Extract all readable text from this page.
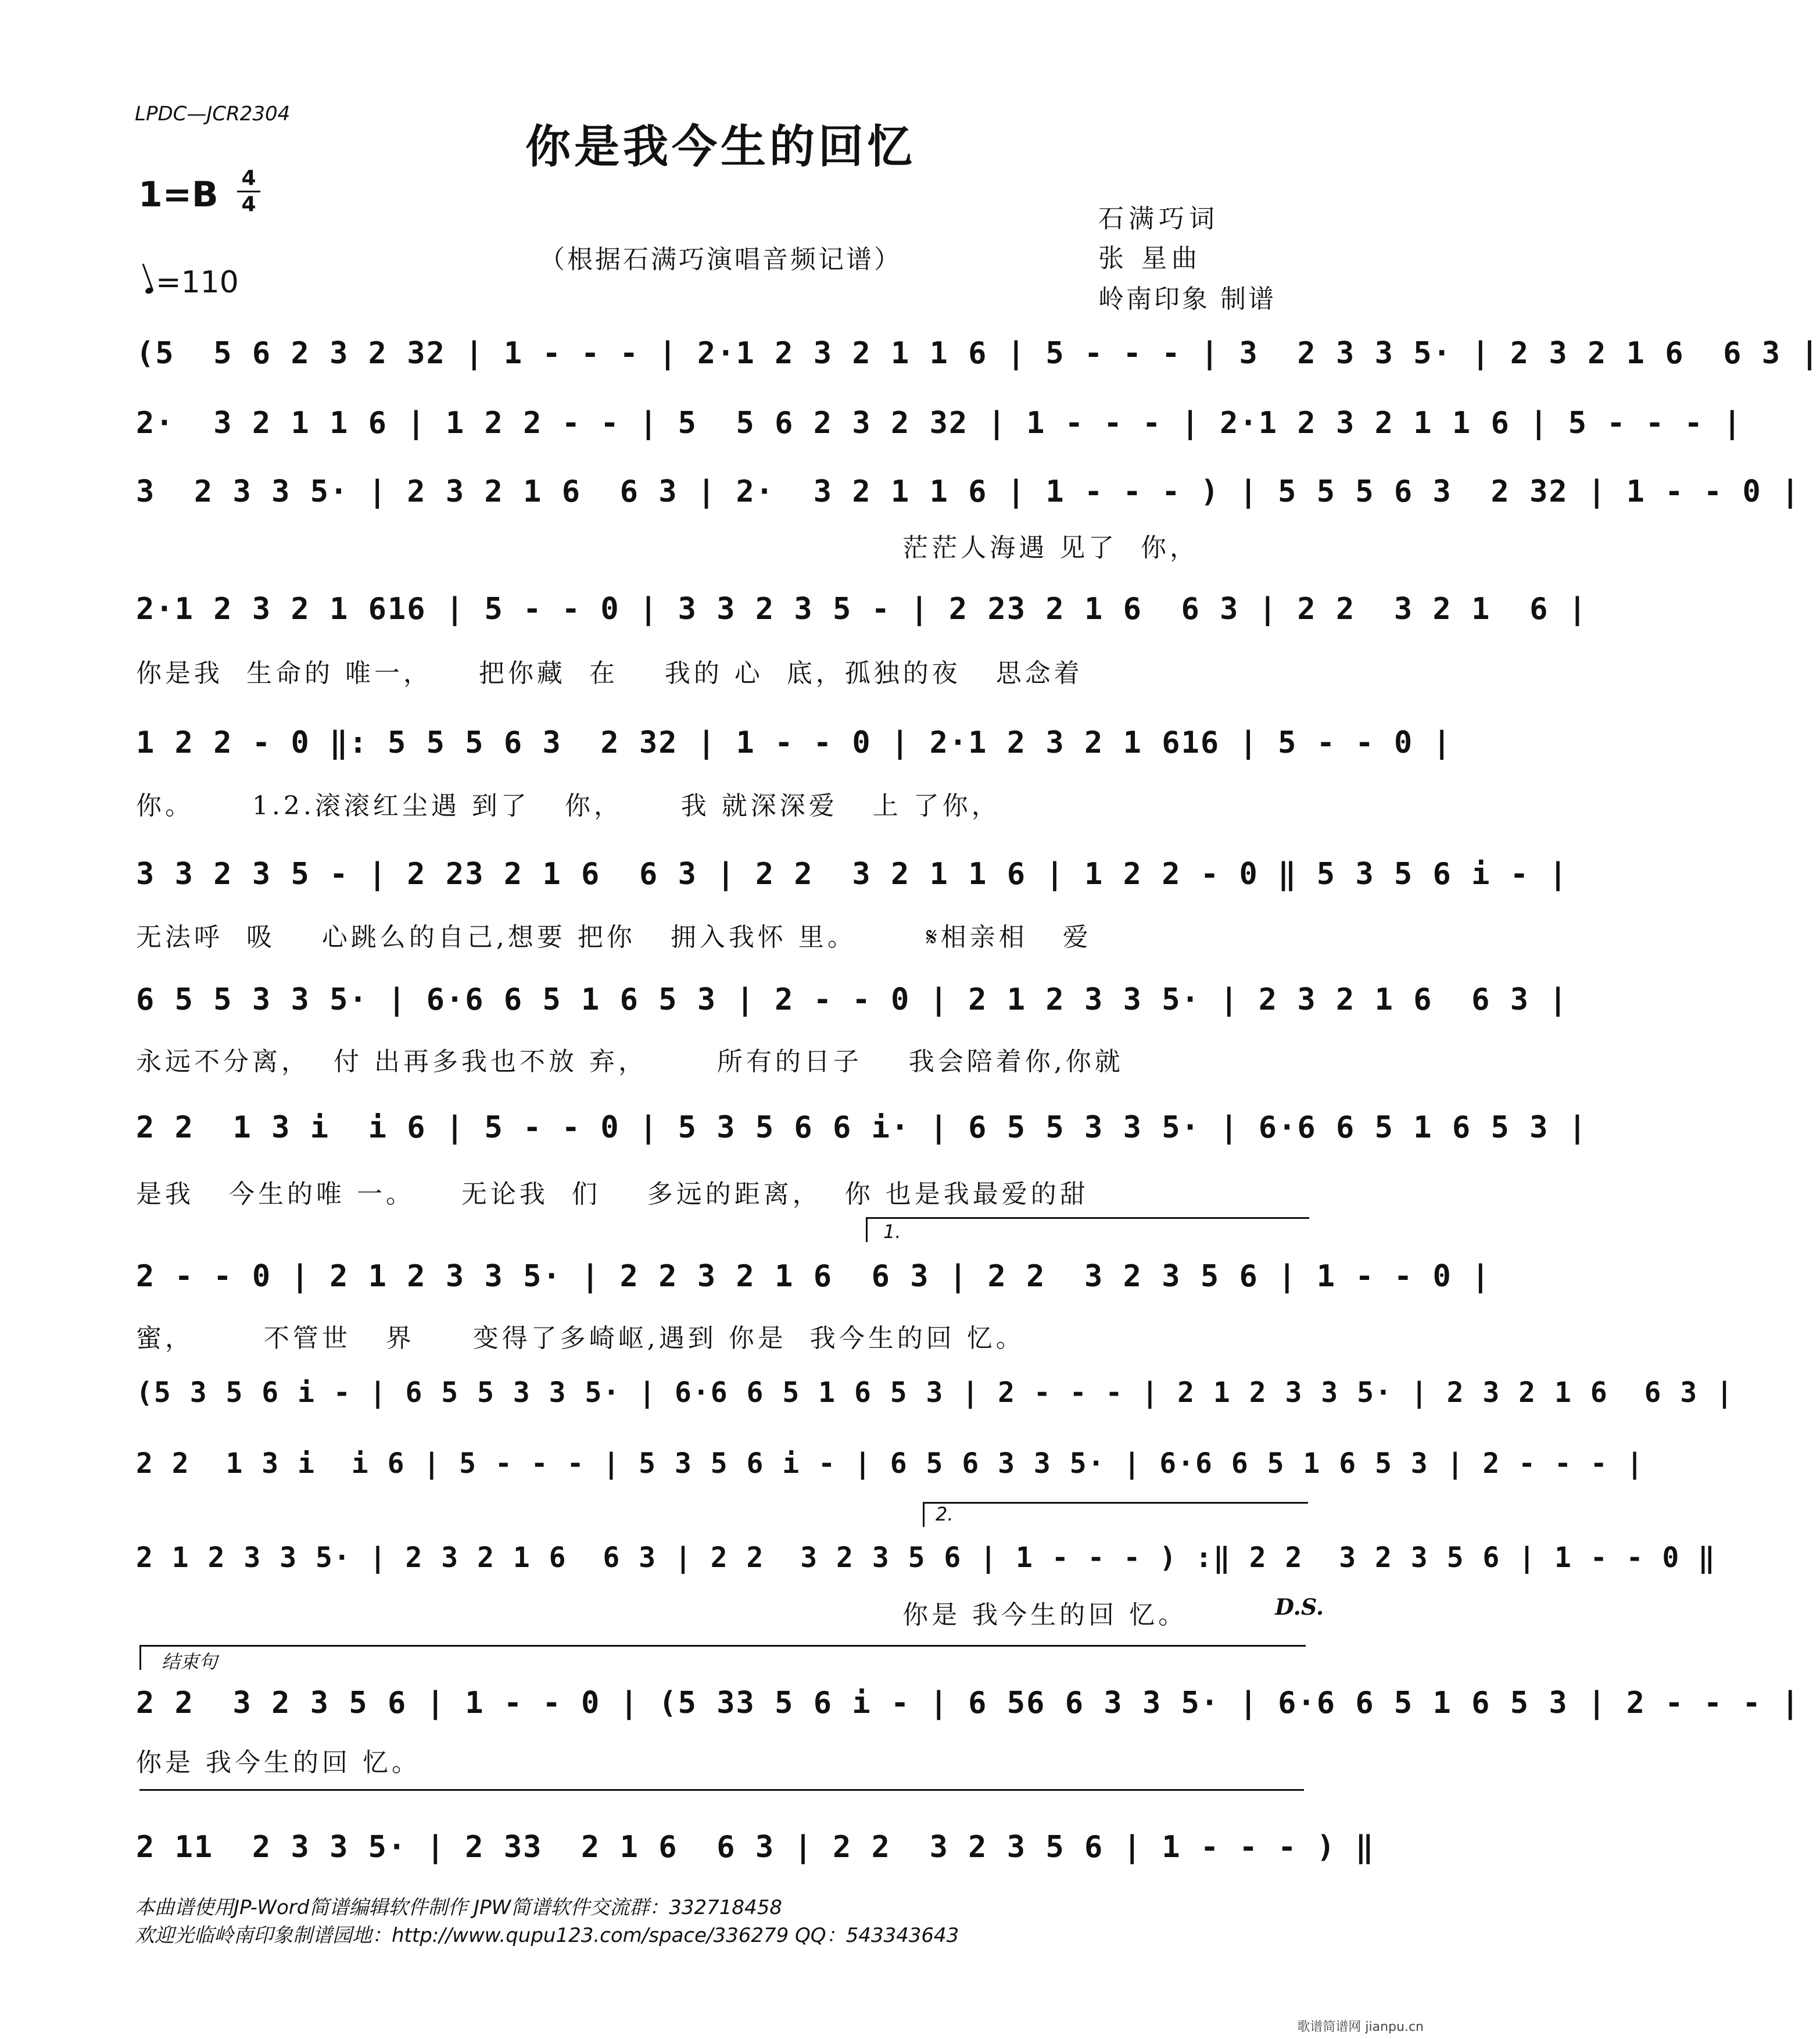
LPDC—JCR2304
你是我今生的回忆
1=B 4
4
=110
（根据石满巧演唱音频记谱）
石满巧词
张 星曲
岭南印象 制谱
(5  5 6 2 3 2 32 | 1 - - - | 2·1 2 3 2 1 1 6 | 5 - - - | 3  2 3 3 5· | 2 3 2 1 6  6 3 |
2·  3 2 1 1 6 | 1 2 2 - - | 5  5 6 2 3 2 32 | 1 - - - | 2·1 2 3 2 1 1 6 | 5 - - - |
3  2 3 3 5· | 2 3 2 1 6  6 3 | 2·  3 2 1 1 6 | 1 - - - ) | 5 5 5 6 3  2 32 | 1 - - 0 |
茫茫人海遇 见了  你，
2·1 2 3 2 1 616 | 5 - - 0 | 3 3 2 3 5 - | 2 23 2 1 6  6 3 | 2 2  3 2 1  6 |
你是我  生命的 唯一，    把你藏  在    我的 心  底，孤独的夜   思念着
1 2 2 - 0 ‖: 5 5 5 6 3  2 32 | 1 - - 0 | 2·1 2 3 2 1 616 | 5 - - 0 |
你。     1.2.滚滚红尘遇 到了   你，     我 就深深爱   上 了你，
3 3 2 3 5 - | 2 23 2 1 6  6 3 | 2 2  3 2 1 1 6 | 1 2 2 - 0 ‖ 5 3 5 6 i - |
无法呼  吸    心跳么的自己,想要 把你   拥入我怀 里。      𝄋相亲相   爱
6 5 5 3 3 5· | 6·6 6 5 1 6 5 3 | 2 - - 0 | 2 1 2 3 3 5· | 2 3 2 1 6  6 3 |
永远不分离，  付 出再多我也不放 弃，      所有的日子    我会陪着你,你就
2 2  1 3 i  i 6 | 5 - - 0 | 5 3 5 6 6 i· | 6 5 5 3 3 5· | 6·6 6 5 1 6 5 3 |
是我   今生的唯 一。    无论我  们    多远的距离，  你 也是我最爱的甜
1.
2 - - 0 | 2 1 2 3 3 5· | 2 2 3 2 1 6  6 3 | 2 2  3 2 3 5 6 | 1 - - 0 |
蜜，      不管世   界     变得了多崎岖,遇到 你是  我今生的回 忆。
(5 3 5 6 i - | 6 5 5 3 3 5· | 6·6 6 5 1 6 5 3 | 2 - - - | 2 1 2 3 3 5· | 2 3 2 1 6  6 3 |
2 2  1 3 i  i 6 | 5 - - - | 5 3 5 6 i - | 6 5 6 3 3 5· | 6·6 6 5 1 6 5 3 | 2 - - - |
2.
2 1 2 3 3 5· | 2 3 2 1 6  6 3 | 2 2  3 2 3 5 6 | 1 - - - ) :‖ 2 2  3 2 3 5 6 | 1 - - 0 ‖
你是 我今生的回 忆。	D.S.
结束句
2 2  3 2 3 5 6 | 1 - - 0 | (5 33 5 6 i - | 6 56 6 3 3 5· | 6·6 6 5 1 6 5 3 | 2 - - - |
你是 我今生的回 忆。
2 11  2 3 3 5· | 2 33  2 1 6  6 3 | 2 2  3 2 3 5 6 | 1 - - - ) ‖
本曲谱使用JP-Word简谱编辑软件制作 JPW简谱软件交流群：332718458
欢迎光临岭南印象制谱园地：http://www.qupu123.com/space/336279 QQ：543343643
歌谱简谱网 jianpu.cn
